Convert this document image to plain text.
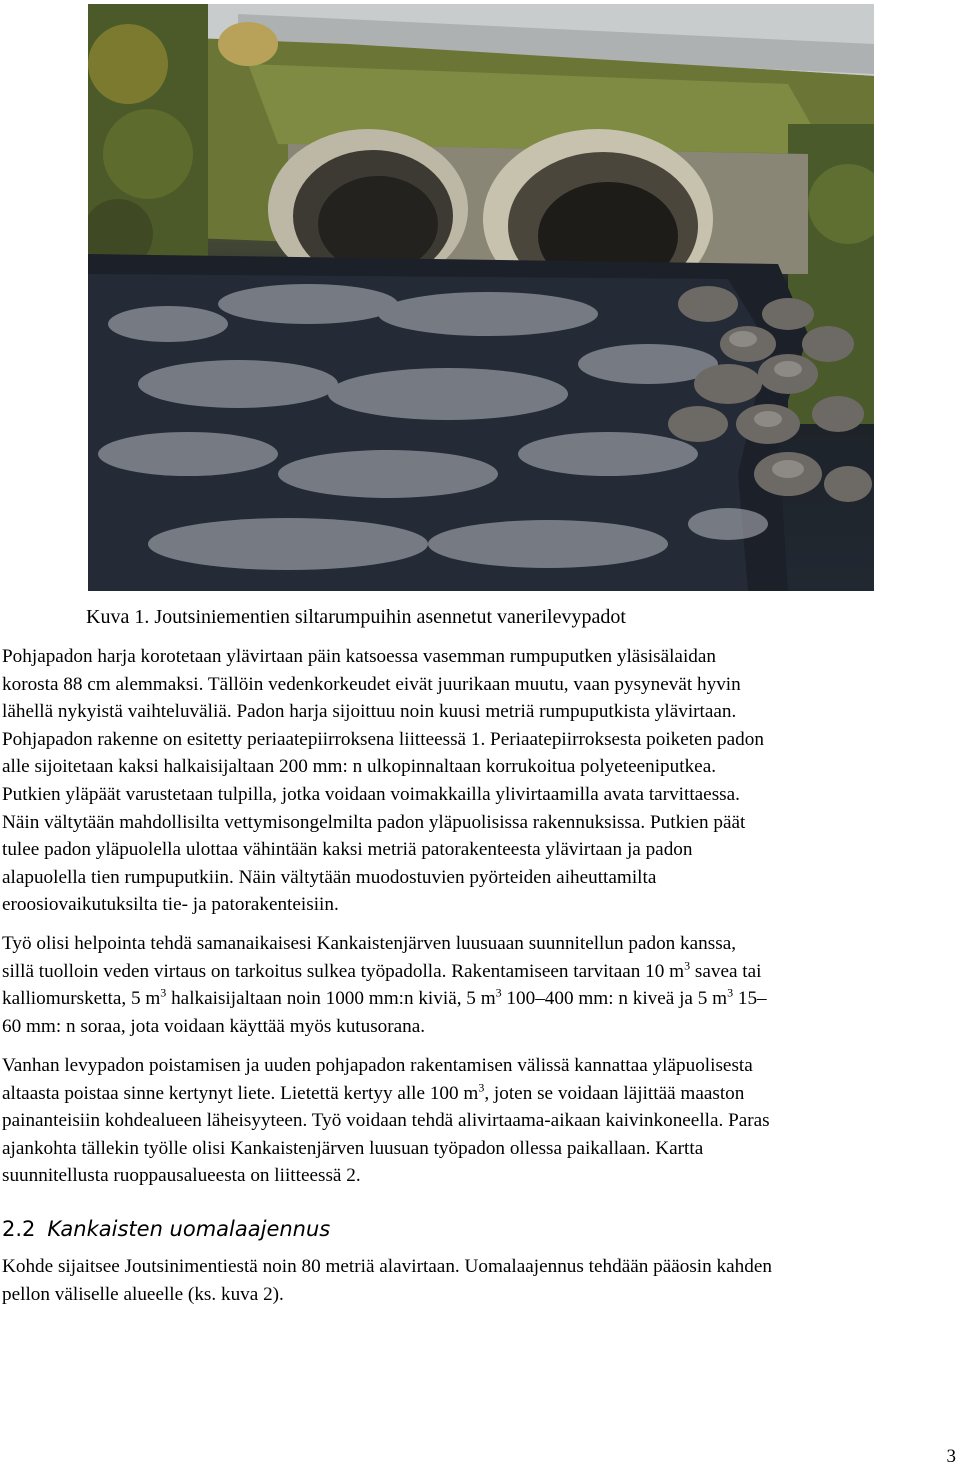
Kuva 1. Joutsiniementien siltarumpuihin asennetut vanerilevypadot
Pohjapadon harja korotetaan ylävirtaan päin katsoessa vasemman rumpuputken yläsisälaidan
korosta 88 cm alemmaksi. Tällöin vedenkorkeudet eivät juurikaan muutu, vaan pysynevät hyvin
lähellä nykyistä vaihteluväliä. Padon harja sijoittuu noin kuusi metriä rumpuputkista ylävirtaan.
Pohjapadon rakenne on esitetty periaatepiirroksena liitteessä 1. Periaatepiirroksesta poiketen padon
alle sijoitetaan kaksi halkaisijaltaan 200 mm: n ulkopinnaltaan korrukoitua polyeteeniputkea.
Putkien yläpäät varustetaan tulpilla, jotka voidaan voimakkailla ylivirtaamilla avata tarvittaessa.
Näin vältytään mahdollisilta vettymisongelmilta padon yläpuolisissa rakennuksissa. Putkien päät
tulee padon yläpuolella ulottaa vähintään kaksi metriä patorakenteesta ylävirtaan ja padon
alapuolella tien rumpuputkiin. Näin vältytään muodostuvien pyörteiden aiheuttamilta
eroosiovaikutuksilta tie- ja patorakenteisiin.
Työ olisi helpointa tehdä samanaikaisesi Kankaistenjärven luusuaan suunnitellun padon kanssa,
sillä tuolloin veden virtaus on tarkoitus sulkea työpadolla. Rakentamiseen tarvitaan 10 $m^3$ savea tai
kalliomursketta, 5 $m^3$ halkaisijaltaan noin 1000 mm:n kiviä, 5 $m^3$ 100–400 mm: n kiveä ja 5 $m^3$ 15–
60 mm: n soraa, jota voidaan käyttää myös kutusorana.
Vanhan levypadon poistamisen ja uuden pohjapadon rakentamisen välissä kannattaa yläpuolisesta
altaasta poistaa sinne kertynyt liete. Lietettä kertyy alle 100 $m^3$, joten se voidaan läjittää maaston
painanteisiin kohdealueen läheisyyteen. Työ voidaan tehdä alivirtaama-aikaan kaivinkoneella. Paras
ajankohta tällekin työlle olisi Kankaistenjärven luusuan työpadon ollessa paikallaan. Kartta
suunnitellusta ruoppausalueesta on liitteessä 2.
2.2 Kankaisten uomalaajennus
Kohde sijaitsee Joutsinimentiestä noin 80 metriä alavirtaan. Uomalaajennus tehdään pääosin kahden
pellon väliselle alueelle (ks. kuva 2).
3
